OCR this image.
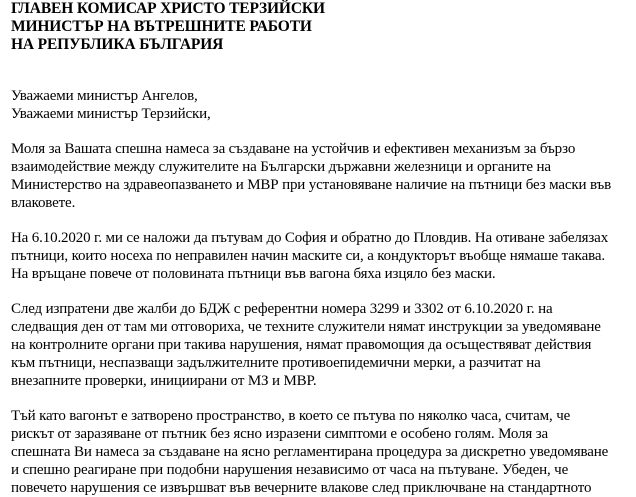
ГЛАВЕН КОМИСАР ХРИСТО ТЕРЗИЙСКИ
МИНИСТЪР НА ВЪТРЕШНИТЕ РАБОТИ
НА РЕПУБЛИКА БЪЛГАРИЯ
Уважаеми министър Ангелов,
Уважаеми министър Терзийски,
Моля за Вашата спешна намеса за създаване на устойчив и ефективен механизъм за бързо
взаимодействие между служителите на Български държавни железници и органите на
Министерство на здравеопазването и МВР при установяване наличие на пътници без маски във
влаковете.
На 6.10.2020 г. ми се наложи да пътувам до София и обратно до Пловдив. На отиване забелязах
пътници, които носеха по неправилен начин маските си, а кондукторът въобще нямаше такава.
На връщане повече от половината пътници във вагона бяха изцяло без маски.
След изпратени две жалби до БДЖ с референтни номера 3299 и 3302 от 6.10.2020 г. на
следващия ден от там ми отговориха, че техните служители нямат инструкции за уведомяване
на контролните органи при такива нарушения, нямат правомощия да осъществяват действия
към пътници, неспазващи задължителните противоепидемични мерки, а разчитат на
внезапните проверки, инициирани от МЗ и МВР.
Тъй като вагонът е затворено пространство, в което се пътува по няколко часа, считам, че
рискът от заразяване от пътник без ясно изразени симптоми е особено голям. Моля за
спешната Ви намеса за създаване на ясно регламентирана процедура за дискретно уведомяване
и спешно реагиране при подобни нарушения независимо от часа на пътуване. Убеден, че
повечето нарушения се извършват във вечерните влакове след приключване на стандартното
